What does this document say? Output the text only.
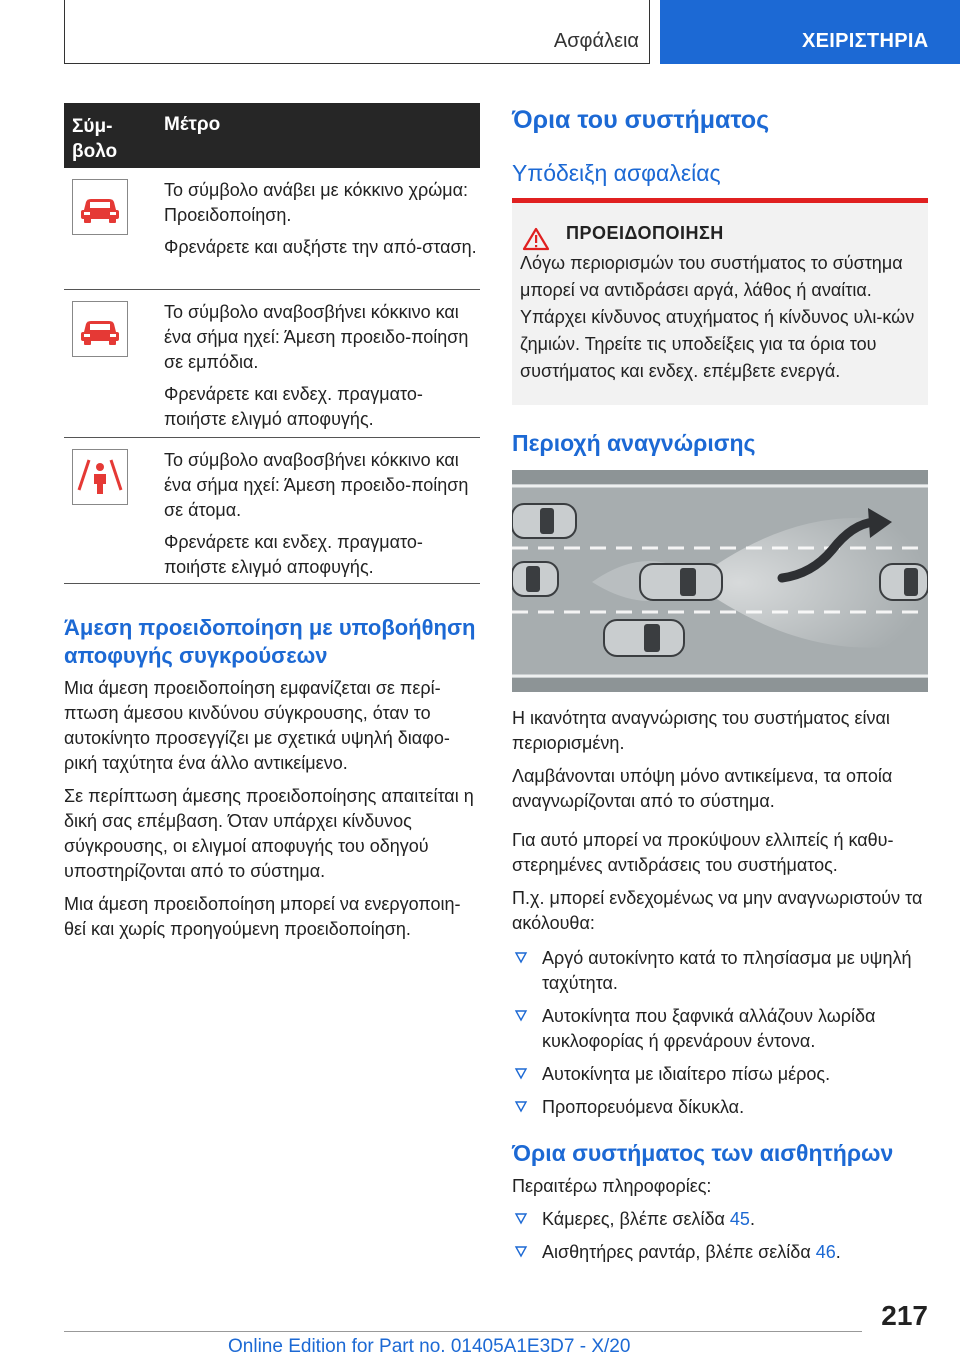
Ασφάλεια	ΧΕΙΡΙΣΤΗΡΙΑ
Σύμ-βολο
Μέτρο

Το σύμβολο ανάβει με κόκκινο χρώμα: Προειδοποίηση.

Φρενάρετε και αυξήστε την από-σταση.

Το σύμβολο αναβοσβήνει κόκκινο και ένα σήμα ηχεί: Άμεση προειδο-ποίηση σε εμπόδια.

Φρενάρετε και ενδεχ. πραγματο-ποιήστε ελιγμό αποφυγής.

Το σύμβολο αναβοσβήνει κόκκινο και ένα σήμα ηχεί: Άμεση προειδο-ποίηση σε άτομα.

Φρενάρετε και ενδεχ. πραγματο-ποιήστε ελιγμό αποφυγής.

Άμεση προειδοποίηση με υποβοήθηση αποφυγής συγκρούσεων

Μια άμεση προειδοποίηση εμφανίζεται σε περί-πτωση άμεσου κινδύνου σύγκρουσης, όταν το αυτοκίνητο προσεγγίζει με σχετικά υψηλή διαφο-ρική ταχύτητα ένα άλλο αντικείμενο.

Σε περίπτωση άμεσης προειδοποίησης απαιτείται η δική σας επέμβαση. Όταν υπάρχει κίνδυνος σύγκρουσης, οι ελιγμοί αποφυγής του οδηγού υποστηρίζονται από το σύστημα.

Μια άμεση προειδοποίηση μπορεί να ενεργοποιη-θεί και χωρίς προηγούμενη προειδοποίηση.

Όρια του συστήματος
Υπόδειξη ασφαλείας
ΠΡΟΕΙΔΟΠΟΙΗΣΗ

Λόγω περιορισμών του συστήματος το σύστημα μπορεί να αντιδράσει αργά, λάθος ή αναίτια. Υπάρχει κίνδυνος ατυχήματος ή κίνδυνος υλι-κών ζημιών. Τηρείτε τις υποδείξεις για τα όρια του συστήματος και ενδεχ. επέμβετε ενεργά.

Περιοχή αναγνώρισης

Η ικανότητα αναγνώρισης του συστήματος είναι περιορισμένη.

Λαμβάνονται υπόψη μόνο αντικείμενα, τα οποία αναγνωρίζονται από το σύστημα.

Για αυτό μπορεί να προκύψουν ελλιπείς ή καθυ-στερημένες αντιδράσεις του συστήματος.

Π.χ. μπορεί ενδεχομένως να μην αναγνωριστούν τα ακόλουθα:

Αργό αυτοκίνητο κατά το πλησίασμα με υψηλή ταχύτητα.
Αυτοκίνητα που ξαφνικά αλλάζουν λωρίδα κυκλοφορίας ή φρενάρουν έντονα.
Αυτοκίνητα με ιδιαίτερο πίσω μέρος.
Προπορευόμενα δίκυκλα.
Όρια συστήματος των αισθητήρων

Περαιτέρω πληροφορίες:

Κάμερες, βλέπε σελίδα 45.
Αισθητήρες ραντάρ, βλέπε σελίδα 46.
217
Online Edition for Part no. 01405A1E3D7 - X/20
